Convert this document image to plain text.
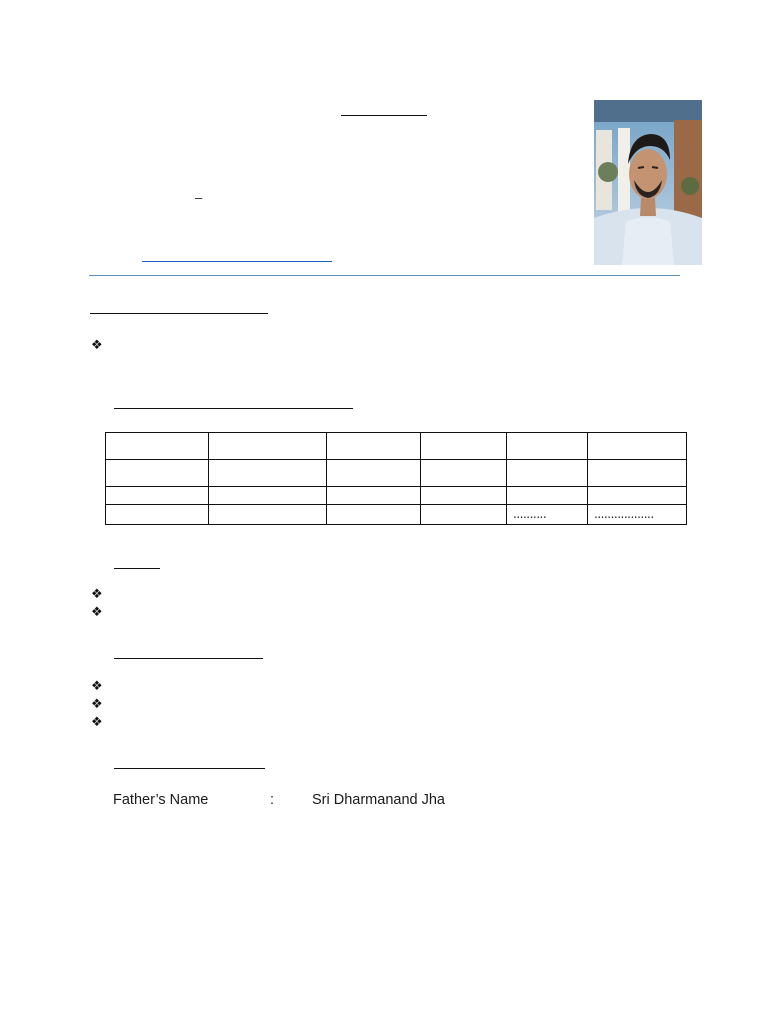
–
❖

				..........	..................
❖
❖
❖
❖
❖
Father’s Name	:	Sri Dharmanand Jha
